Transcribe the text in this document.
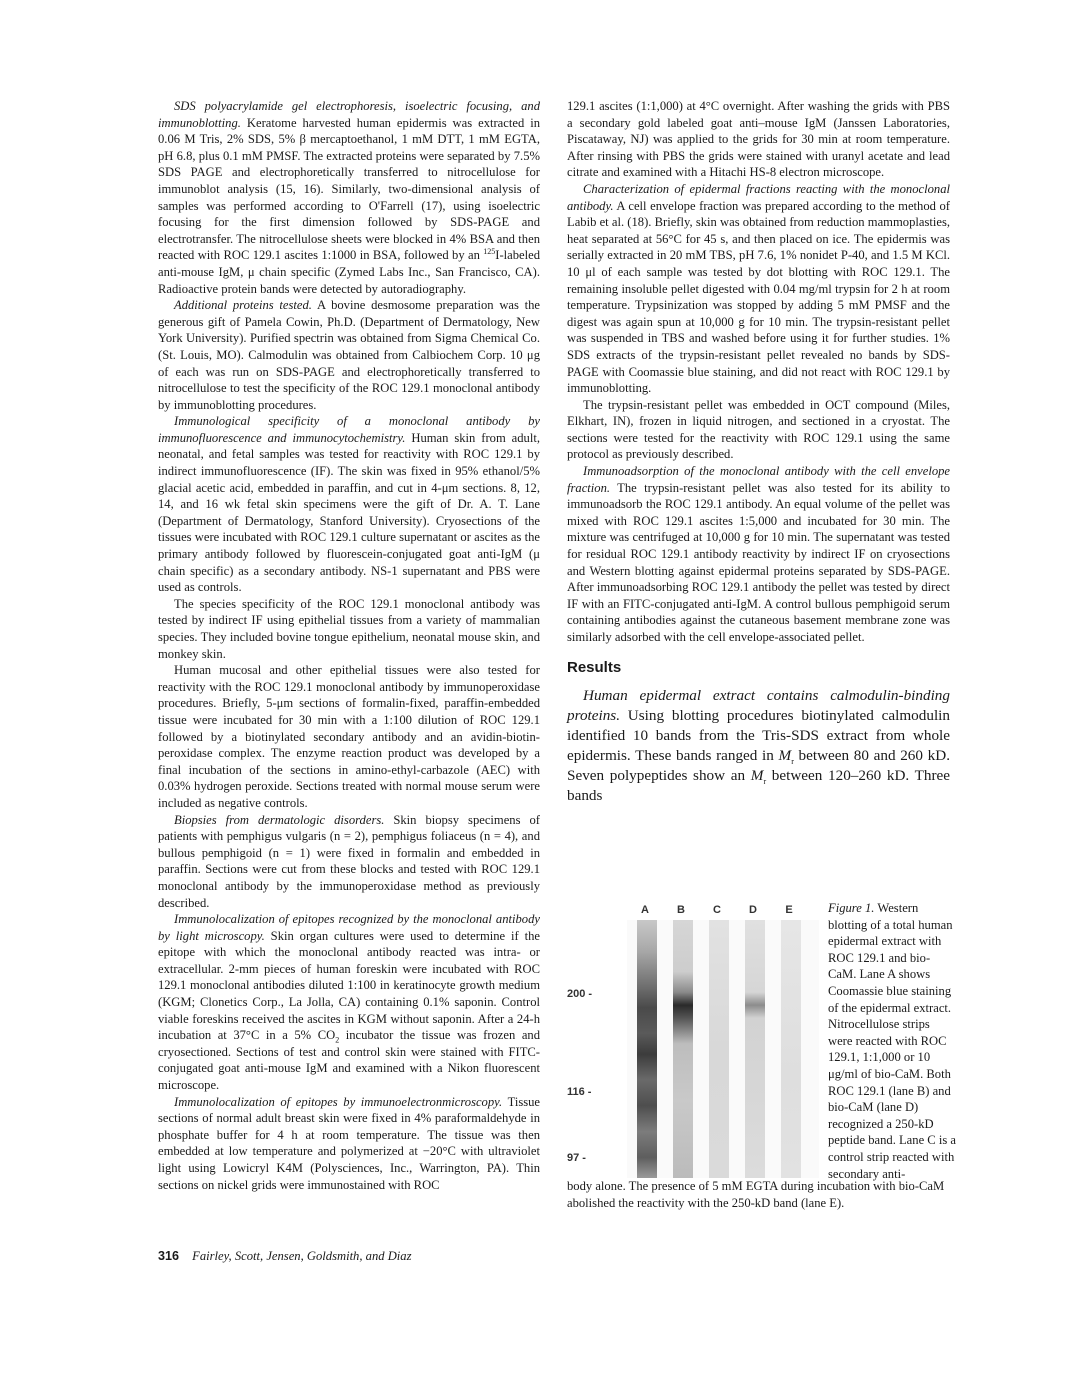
SDS polyacrylamide gel electrophoresis, isoelectric focusing, and immunoblotting. Keratome harvested human epidermis was extracted in 0.06 M Tris, 2% SDS, 5% β mercaptoethanol, 1 mM DTT, 1 mM EGTA, pH 6.8, plus 0.1 mM PMSF. The extracted proteins were separated by 7.5% SDS PAGE and electrophoretically transferred to nitrocellulose for immunoblot analysis (15, 16). Similarly, two-dimensional analysis of samples was performed according to O'Farrell (17), using isoelectric focusing for the first dimension followed by SDS-PAGE and electrotransfer. The nitrocellulose sheets were blocked in 4% BSA and then reacted with ROC 129.1 ascites 1:1000 in BSA, followed by an $^{125}$I-labeled anti-mouse IgM, μ chain specific (Zymed Labs Inc., San Francisco, CA). Radioactive protein bands were detected by autoradiography.

Additional proteins tested. A bovine desmosome preparation was the generous gift of Pamela Cowin, Ph.D. (Department of Dermatology, New York University). Purified spectrin was obtained from Sigma Chemical Co. (St. Louis, MO). Calmodulin was obtained from Calbiochem Corp. 10 μg of each was run on SDS-PAGE and electrophoretically transferred to nitrocellulose to test the specificity of the ROC 129.1 monoclonal antibody by immunoblotting procedures.

Immunological specificity of a monoclonal antibody by immunofluorescence and immunocytochemistry. Human skin from adult, neonatal, and fetal samples was tested for reactivity with ROC 129.1 by indirect immunofluorescence (IF). The skin was fixed in 95% ethanol/5% glacial acetic acid, embedded in paraffin, and cut in 4-μm sections. 8, 12, 14, and 16 wk fetal skin specimens were the gift of Dr. A. T. Lane (Department of Dermatology, Stanford University). Cryosections of the tissues were incubated with ROC 129.1 culture supernatant or ascites as the primary antibody followed by fluorescein-conjugated goat anti-IgM (μ chain specific) as a secondary antibody. NS-1 supernatant and PBS were used as controls.

The species specificity of the ROC 129.1 monoclonal antibody was tested by indirect IF using epithelial tissues from a variety of mammalian species. They included bovine tongue epithelium, neonatal mouse skin, and monkey skin.

Human mucosal and other epithelial tissues were also tested for reactivity with the ROC 129.1 monoclonal antibody by immunoperoxidase procedures. Briefly, 5-μm sections of formalin-fixed, paraffin-embedded tissue were incubated for 30 min with a 1:100 dilution of ROC 129.1 followed by a biotinylated secondary antibody and an avidin-biotin-peroxidase complex. The enzyme reaction product was developed by a final incubation of the sections in amino-ethyl-carbazole (AEC) with 0.03% hydrogen peroxide. Sections treated with normal mouse serum were included as negative controls.

Biopsies from dermatologic disorders. Skin biopsy specimens of patients with pemphigus vulgaris (n = 2), pemphigus foliaceus (n = 4), and bullous pemphigoid (n = 1) were fixed in formalin and embedded in paraffin. Sections were cut from these blocks and tested with ROC 129.1 monoclonal antibody by the immunoperoxidase method as previously described.

Immunolocalization of epitopes recognized by the monoclonal antibody by light microscopy. Skin organ cultures were used to determine if the epitope with which the monoclonal antibody reacted was intra- or extracellular. 2-mm pieces of human foreskin were incubated with ROC 129.1 monoclonal antibodies diluted 1:100 in keratinocyte growth medium (KGM; Clonetics Corp., La Jolla, CA) containing 0.1% saponin. Control viable foreskins received the ascites in KGM without saponin. After a 24-h incubation at 37°C in a 5% $CO_2$ incubator the tissue was frozen and cryosectioned. Sections of test and control skin were stained with FITC-conjugated goat anti-mouse IgM and examined with a Nikon fluorescent microscope.

Immunolocalization of epitopes by immunoelectronmicroscopy. Tissue sections of normal adult breast skin were fixed in 4% paraformaldehyde in phosphate buffer for 4 h at room temperature. The tissue was then embedded at low temperature and polymerized at −20°C with ultraviolet light using Lowicryl K4M (Polysciences, Inc., Warrington, PA). Thin sections on nickel grids were immunostained with ROC

129.1 ascites (1:1,000) at 4°C overnight. After washing the grids with PBS a secondary gold labeled goat anti–mouse IgM (Janssen Laboratories, Piscataway, NJ) was applied to the grids for 30 min at room temperature. After rinsing with PBS the grids were stained with uranyl acetate and lead citrate and examined with a Hitachi HS-8 electron microscope.

Characterization of epidermal fractions reacting with the monoclonal antibody. A cell envelope fraction was prepared according to the method of Labib et al. (18). Briefly, skin was obtained from reduction mammoplasties, heat separated at 56°C for 45 s, and then placed on ice. The epidermis was serially extracted in 20 mM TBS, pH 7.6, 1% nonidet P-40, and 1.5 M KCl. 10 μl of each sample was tested by dot blotting with ROC 129.1. The remaining insoluble pellet digested with 0.04 mg/ml trypsin for 2 h at room temperature. Trypsinization was stopped by adding 5 mM PMSF and the digest was again spun at 10,000 g for 10 min. The trypsin-resistant pellet was suspended in TBS and washed before using it for further studies. 1% SDS extracts of the trypsin-resistant pellet revealed no bands by SDS-PAGE with Coomassie blue staining, and did not react with ROC 129.1 by immunoblotting.

The trypsin-resistant pellet was embedded in OCT compound (Miles, Elkhart, IN), frozen in liquid nitrogen, and sectioned in a cryostat. The sections were tested for the reactivity with ROC 129.1 using the same protocol as previously described.

Immunoadsorption of the monoclonal antibody with the cell envelope fraction. The trypsin-resistant pellet was also tested for its ability to immunoadsorb the ROC 129.1 antibody. An equal volume of the pellet was mixed with ROC 129.1 ascites 1:5,000 and incubated for 30 min. The mixture was centrifuged at 10,000 g for 10 min. The supernatant was tested for residual ROC 129.1 antibody reactivity by indirect IF on cryosections and Western blotting against epidermal proteins separated by SDS-PAGE. After immunoadsorbing ROC 129.1 antibody the pellet was tested by direct IF with an FITC-conjugated anti-IgM. A control bullous pemphigoid serum containing antibodies against the cutaneous basement membrane zone was similarly adsorbed with the cell envelope-associated pellet.

Results

Human epidermal extract contains calmodulin-binding proteins. Using blotting procedures biotinylated calmodulin identified 10 bands from the Tris-SDS extract from whole epidermis. These bands ranged in $M_r$ between 80 and 260 kD. Seven polypeptides show an $M_r$ between 120–260 kD. Three bands

A	B	C	D	E
200 -
116 -
97 -
Figure 1. Western blotting of a total human epidermal extract with ROC 129.1 and bio-CaM. Lane A shows Coomassie blue staining of the epidermal extract. Nitrocellulose strips were reacted with ROC 129.1, 1:1,000 or 10 μg/ml of bio-CaM. Both ROC 129.1 (lane B) and bio-CaM (lane D) recognized a 250-kD peptide band. Lane C is a control strip reacted with secondary anti-
body alone. The presence of 5 mM EGTA during incubation with bio-CaM abolished the reactivity with the 250-kD band (lane E).
316 Fairley, Scott, Jensen, Goldsmith, and Diaz
